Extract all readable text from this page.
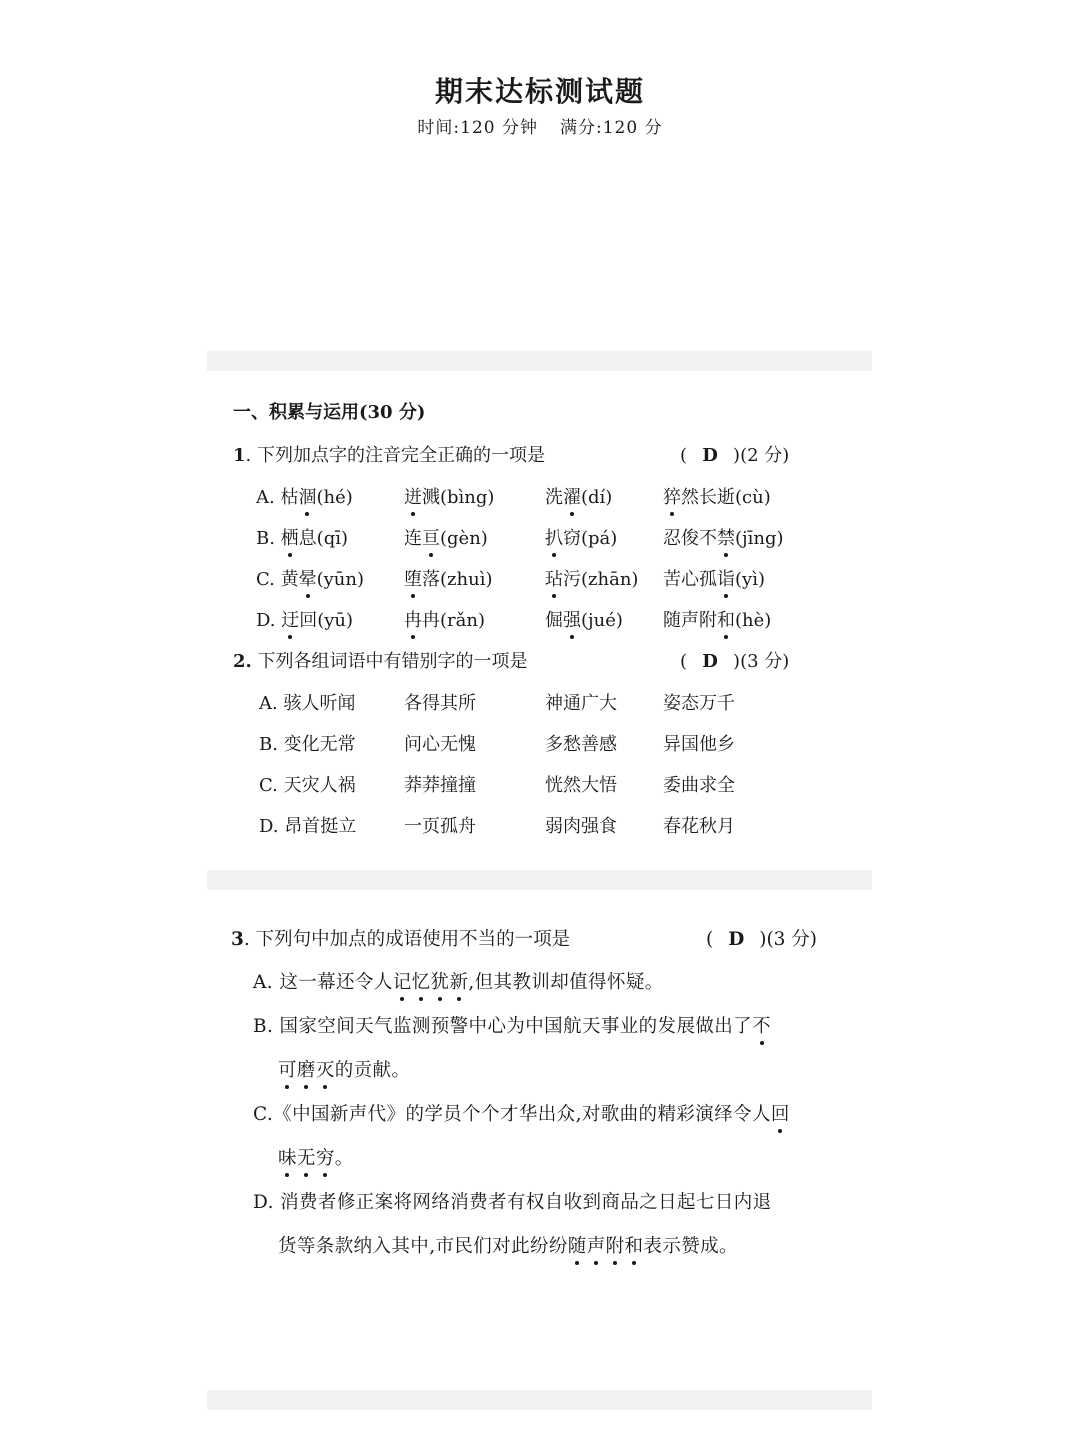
期末达标测试题
时间:120 分钟 满分:120 分
一、积累与运用(30 分)
1. 下列加点字的注音完全正确的一项是	( D )(2 分)
A. 枯涸(hé)	迸溅(bìng)	洗濯(dí)	猝然长逝(cù)
B. 栖息(qī)	连亘(gèn)	扒窃(pá)	忍俊不禁(jīng)
C. 黄晕(yūn) 堕落(zhuì)	玷污(zhān) 苦心孤诣(yì)
D. 迂回(yū)	冉冉(rǎn)	倔强(jué) 随声附和(hè)
2. 下列各组词语中有错别字的一项是	( D )(3 分)
A. 骇人听闻	各得其所	神通广大	姿态万千
B. 变化无常	问心无愧	多愁善感	异国他乡
C. 天灾人祸	莽莽撞撞	恍然大悟	委曲求全
D. 昂首挺立	一页孤舟	弱肉强食	春花秋月
3. 下列句中加点的成语使用不当的一项是	( D )(3 分)
A. 这一幕还令人记忆犹新,但其教训却值得怀疑。
B. 国家空间天气监测预警中心为中国航天事业的发展做出了不
可磨灭的贡献。
C.《中国新声代》的学员个个才华出众,对歌曲的精彩演绎令人回
味无穷。
D. 消费者修正案将网络消费者有权自收到商品之日起七日内退
货等条款纳入其中,市民们对此纷纷随声附和表示赞成。
